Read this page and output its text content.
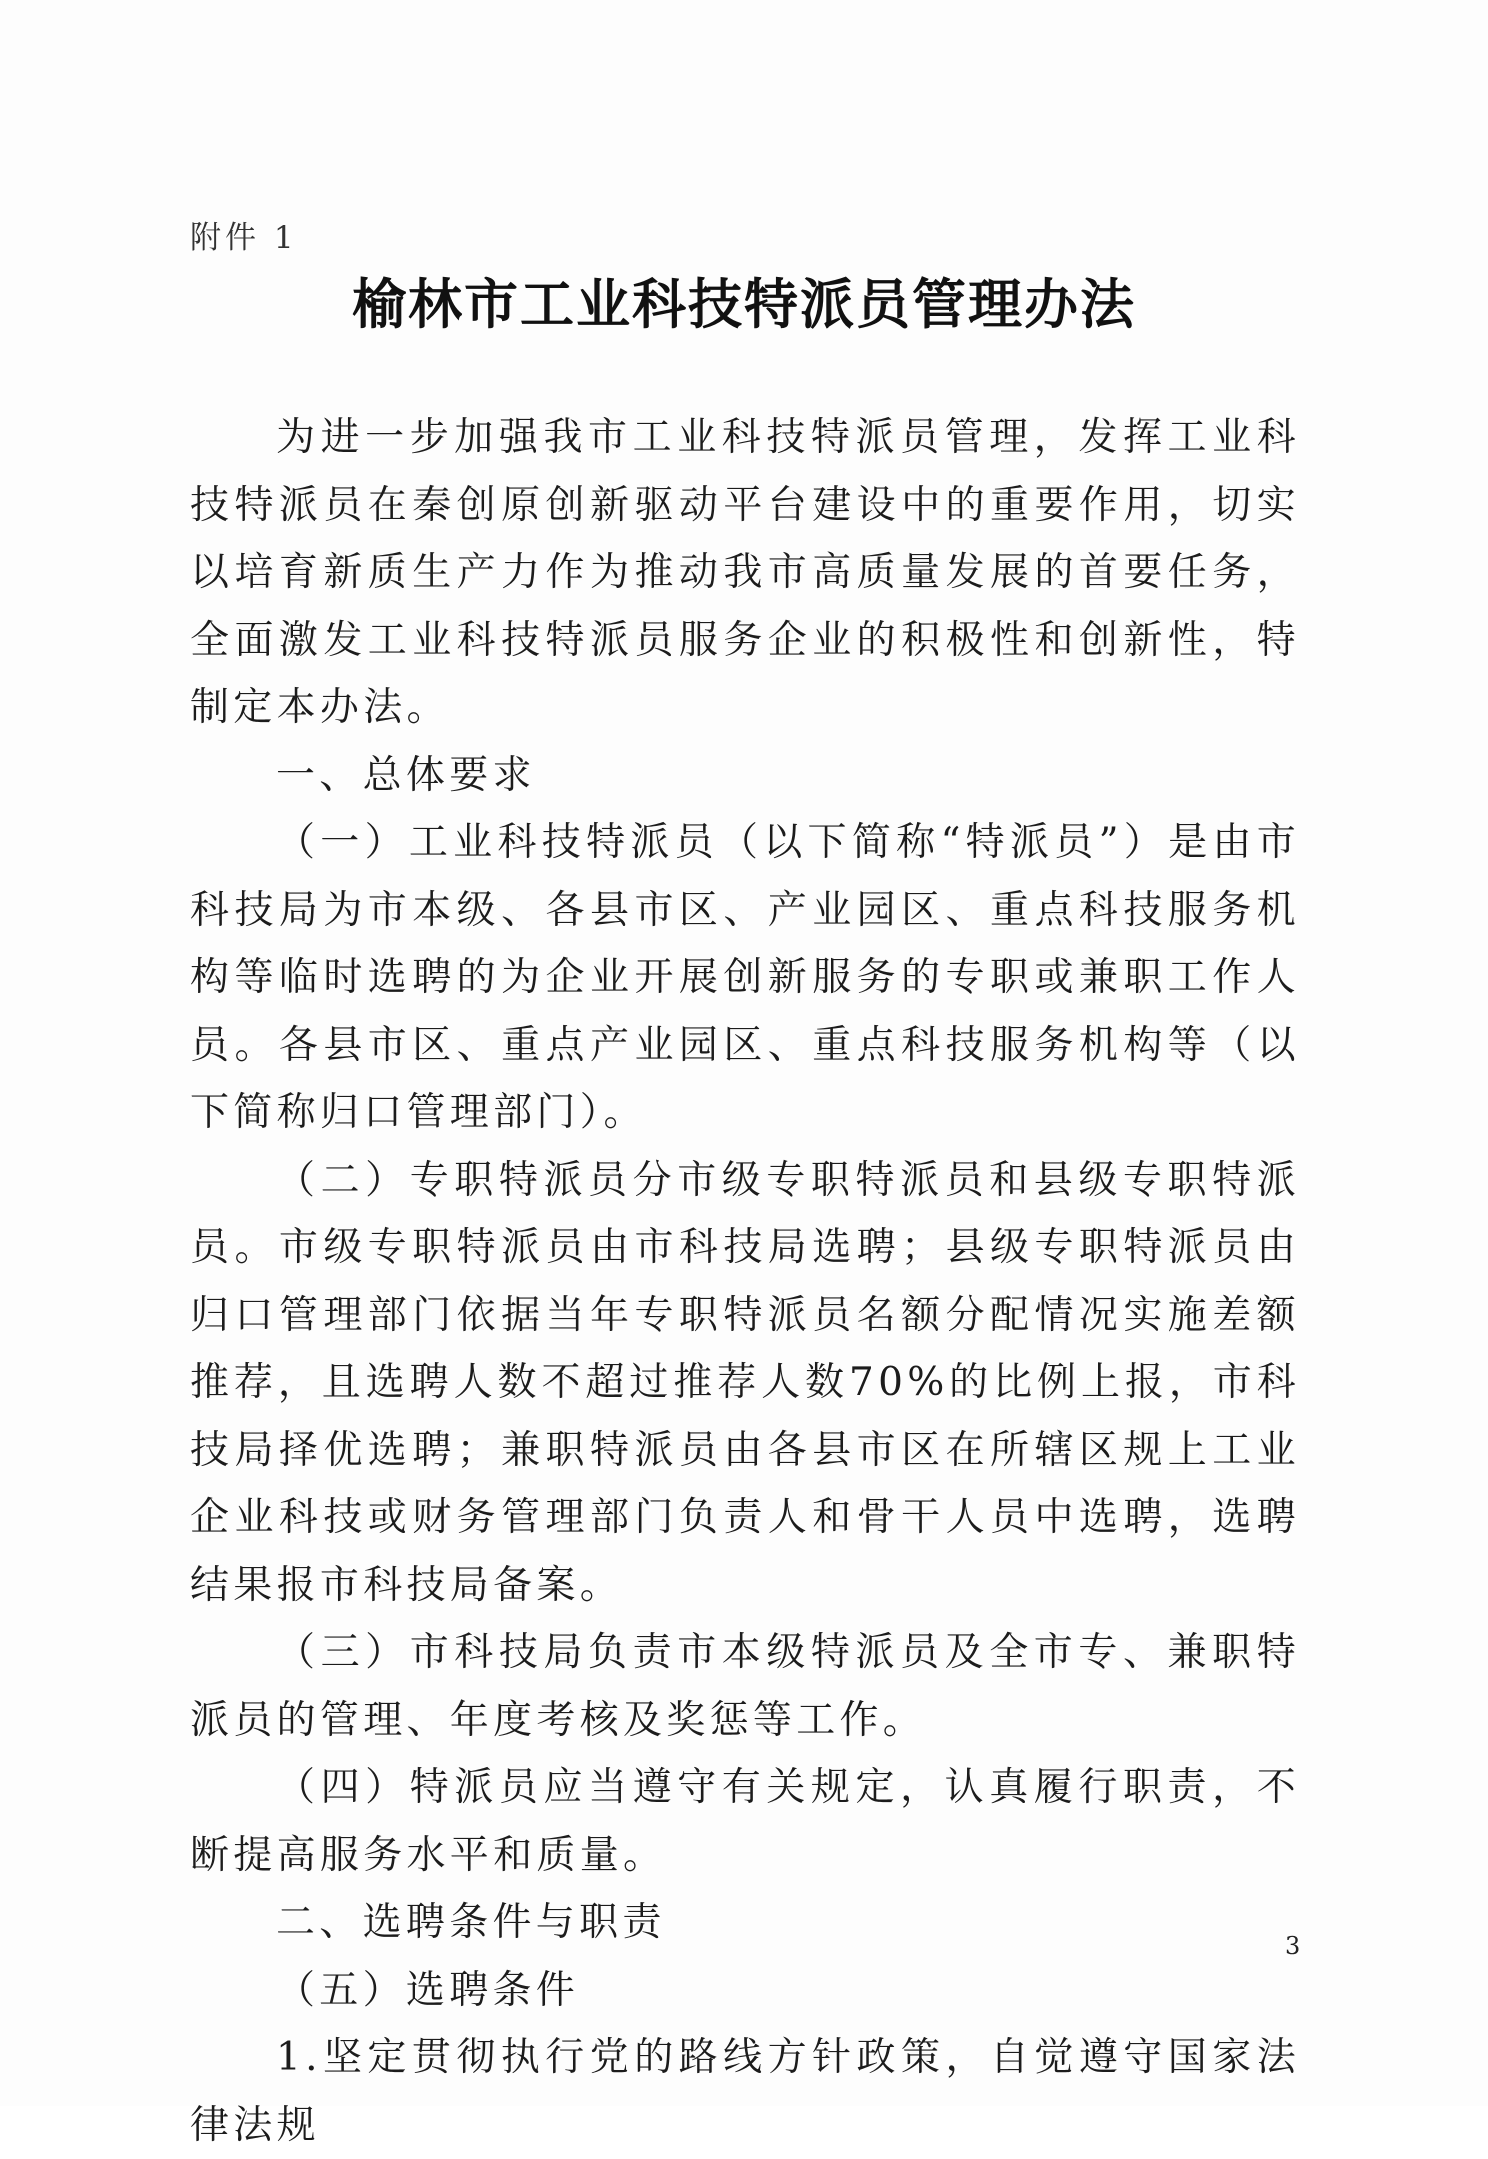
附件 1
榆林市工业科技特派员管理办法

为进一步加强我市工业科技特派员管理，发挥工业科技特派员在秦创原创新驱动平台建设中的重要作用，切实以培育新质生产力作为推动我市高质量发展的首要任务，全面激发工业科技特派员服务企业的积极性和创新性，特制定本办法。

一、总体要求

（一）工业科技特派员（以下简称“特派员”）是由市科技局为市本级、各县市区、产业园区、重点科技服务机构等临时选聘的为企业开展创新服务的专职或兼职工作人员。各县市区、重点产业园区、重点科技服务机构等（以下简称归口管理部门）。

（二）专职特派员分市级专职特派员和县级专职特派员。市级专职特派员由市科技局选聘；县级专职特派员由归口管理部门依据当年专职特派员名额分配情况实施差额推荐，且选聘人数不超过推荐人数70%的比例上报，市科技局择优选聘；兼职特派员由各县市区在所辖区规上工业企业科技或财务管理部门负责人和骨干人员中选聘，选聘结果报市科技局备案。

（三）市科技局负责市本级特派员及全市专、兼职特派员的管理、年度考核及奖惩等工作。

（四）特派员应当遵守有关规定，认真履行职责，不断提高服务水平和质量。

二、选聘条件与职责

（五）选聘条件

1.坚定贯彻执行党的路线方针政策，自觉遵守国家法律法规

3
